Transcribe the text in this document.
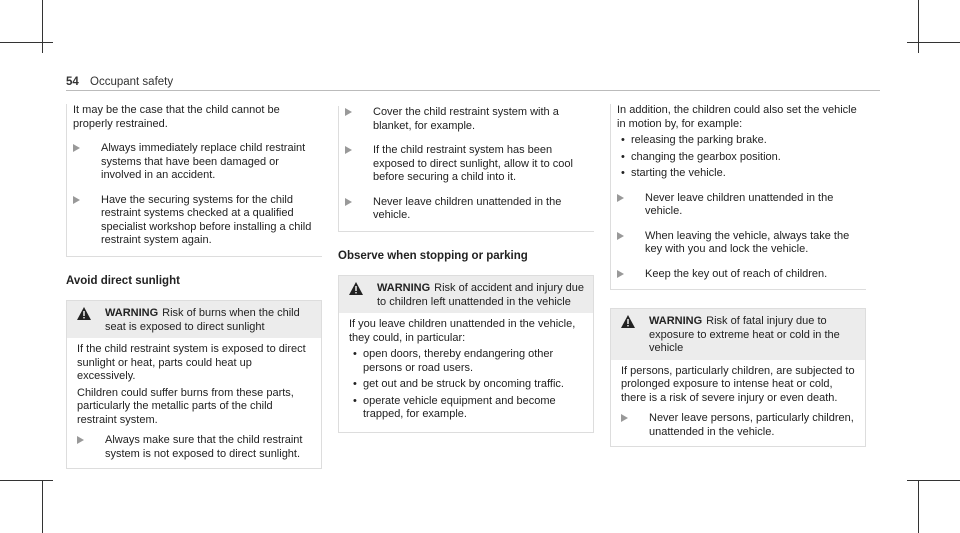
54 Occupant safety

It may be the case that the child cannot be properly restrained.

Always immediately replace child restraint systems that have been damaged or involved in an accident.
Have the securing systems for the child restraint systems checked at a qualified specialist workshop before installing a child restraint system again.
Avoid direct sunlight
WARNING Risk of burns when the child seat is exposed to direct sunlight

If the child restraint system is exposed to direct sunlight or heat, parts could heat up excessively.

Children could suffer burns from these parts, particularly the metallic parts of the child restraint system.

Always make sure that the child restraint system is not exposed to direct sunlight.
Cover the child restraint system with a blanket, for example.
If the child restraint system has been exposed to direct sunlight, allow it to cool before securing a child into it.
Never leave children unattended in the vehicle.
Observe when stopping or parking
WARNING Risk of accident and injury due to children left unattended in the vehicle

If you leave children unattended in the vehicle, they could, in particular:

• open doors, thereby endangering other persons or road users.
• get out and be struck by oncoming traffic.
• operate vehicle equipment and become trapped, for example.

In addition, the children could also set the vehicle in motion by, for example:

• releasing the parking brake.
• changing the gearbox position.
• starting the vehicle.
Never leave children unattended in the vehicle.
When leaving the vehicle, always take the key with you and lock the vehicle.
Keep the key out of reach of children.
WARNING Risk of fatal injury due to exposure to extreme heat or cold in the vehicle

If persons, particularly children, are subjected to prolonged exposure to intense heat or cold, there is a risk of severe injury or even death.

Never leave persons, particularly children, unattended in the vehicle.
